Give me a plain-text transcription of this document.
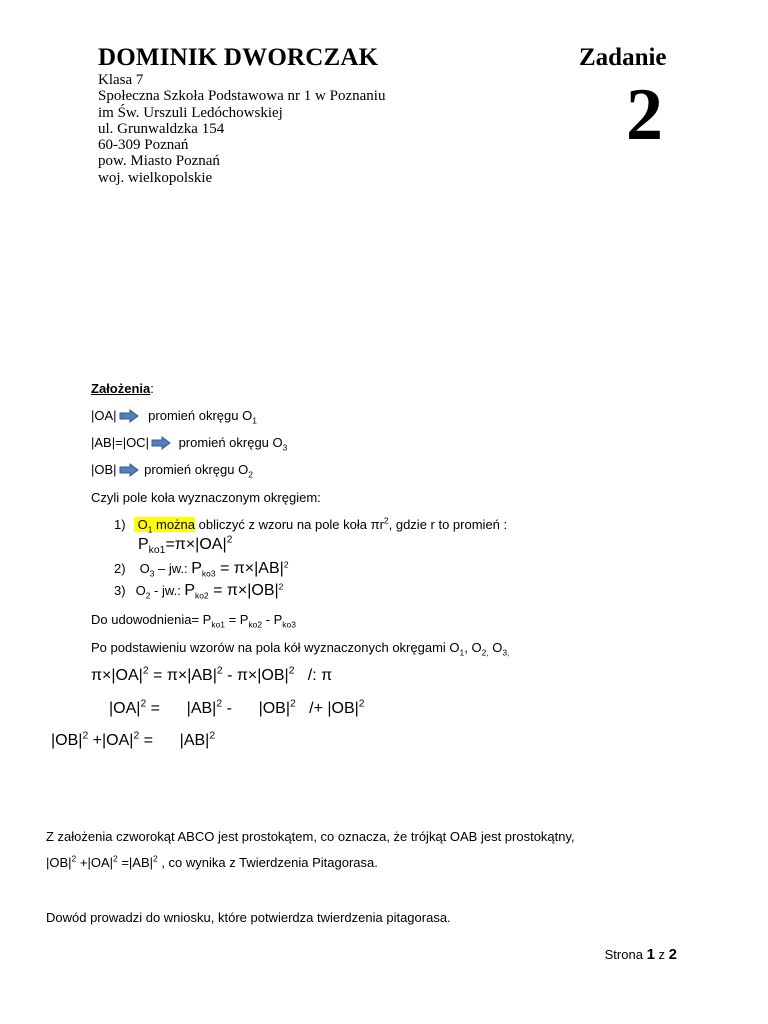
DOMINIK DWORCZAK	Zadanie
2
Klasa 7
Społeczna Szkoła Podstawowa nr 1 w Poznaniu
im Św. Urszuli Ledóchowskiej
ul. Grunwaldzka 154
60-309 Poznań
pow. Miasto Poznań
woj. wielkopolskie
Założenia:
|OA| promień okręgu $O_1$
|AB|=|OC| promień okręgu $O_3$
|OB| promień okręgu $O_2$
Czyli pole koła wyznaczonym okręgiem:
1) $O_1$ można obliczyć z wzoru na pole koła $\pi r^2$, gdzie r to promień :
$P_{ko1}=\pi\times|OA|^2$
2) $O_3$ – jw.: $P_{ko3} = \pi\times|AB|^2$
3) $O_2$ - jw.: $P_{ko2} = \pi\times|OB|^2$
Do udowodnienia= $P_{ko1} = P_{ko2} - P_{ko3}$
Po podstawieniu wzorów na pola kół wyznaczonych okręgami $O_1$, $O_{2,}$ $O_{3,}$
$\pi\times|OA|^2 = \pi\times|AB|^2 - \pi\times|OB|^2$   /: π
$|OA|^2$ =      $|AB|^2$ -      $|OB|^2 /+ |OB|^2$
$|OB|^2 +|OA|^2$ =      $|AB|^2$
Z założenia czworokąt ABCO jest prostokątem, co oznacza, że trójkąt OAB jest prostokątny,
$|OB|^2 +|OA|^2 =|AB|^2$ , co wynika z Twierdzenia Pitagorasa.
Dowód prowadzi do wniosku, które potwierdza twierdzenia pitagorasa.
Strona 1 z 2
